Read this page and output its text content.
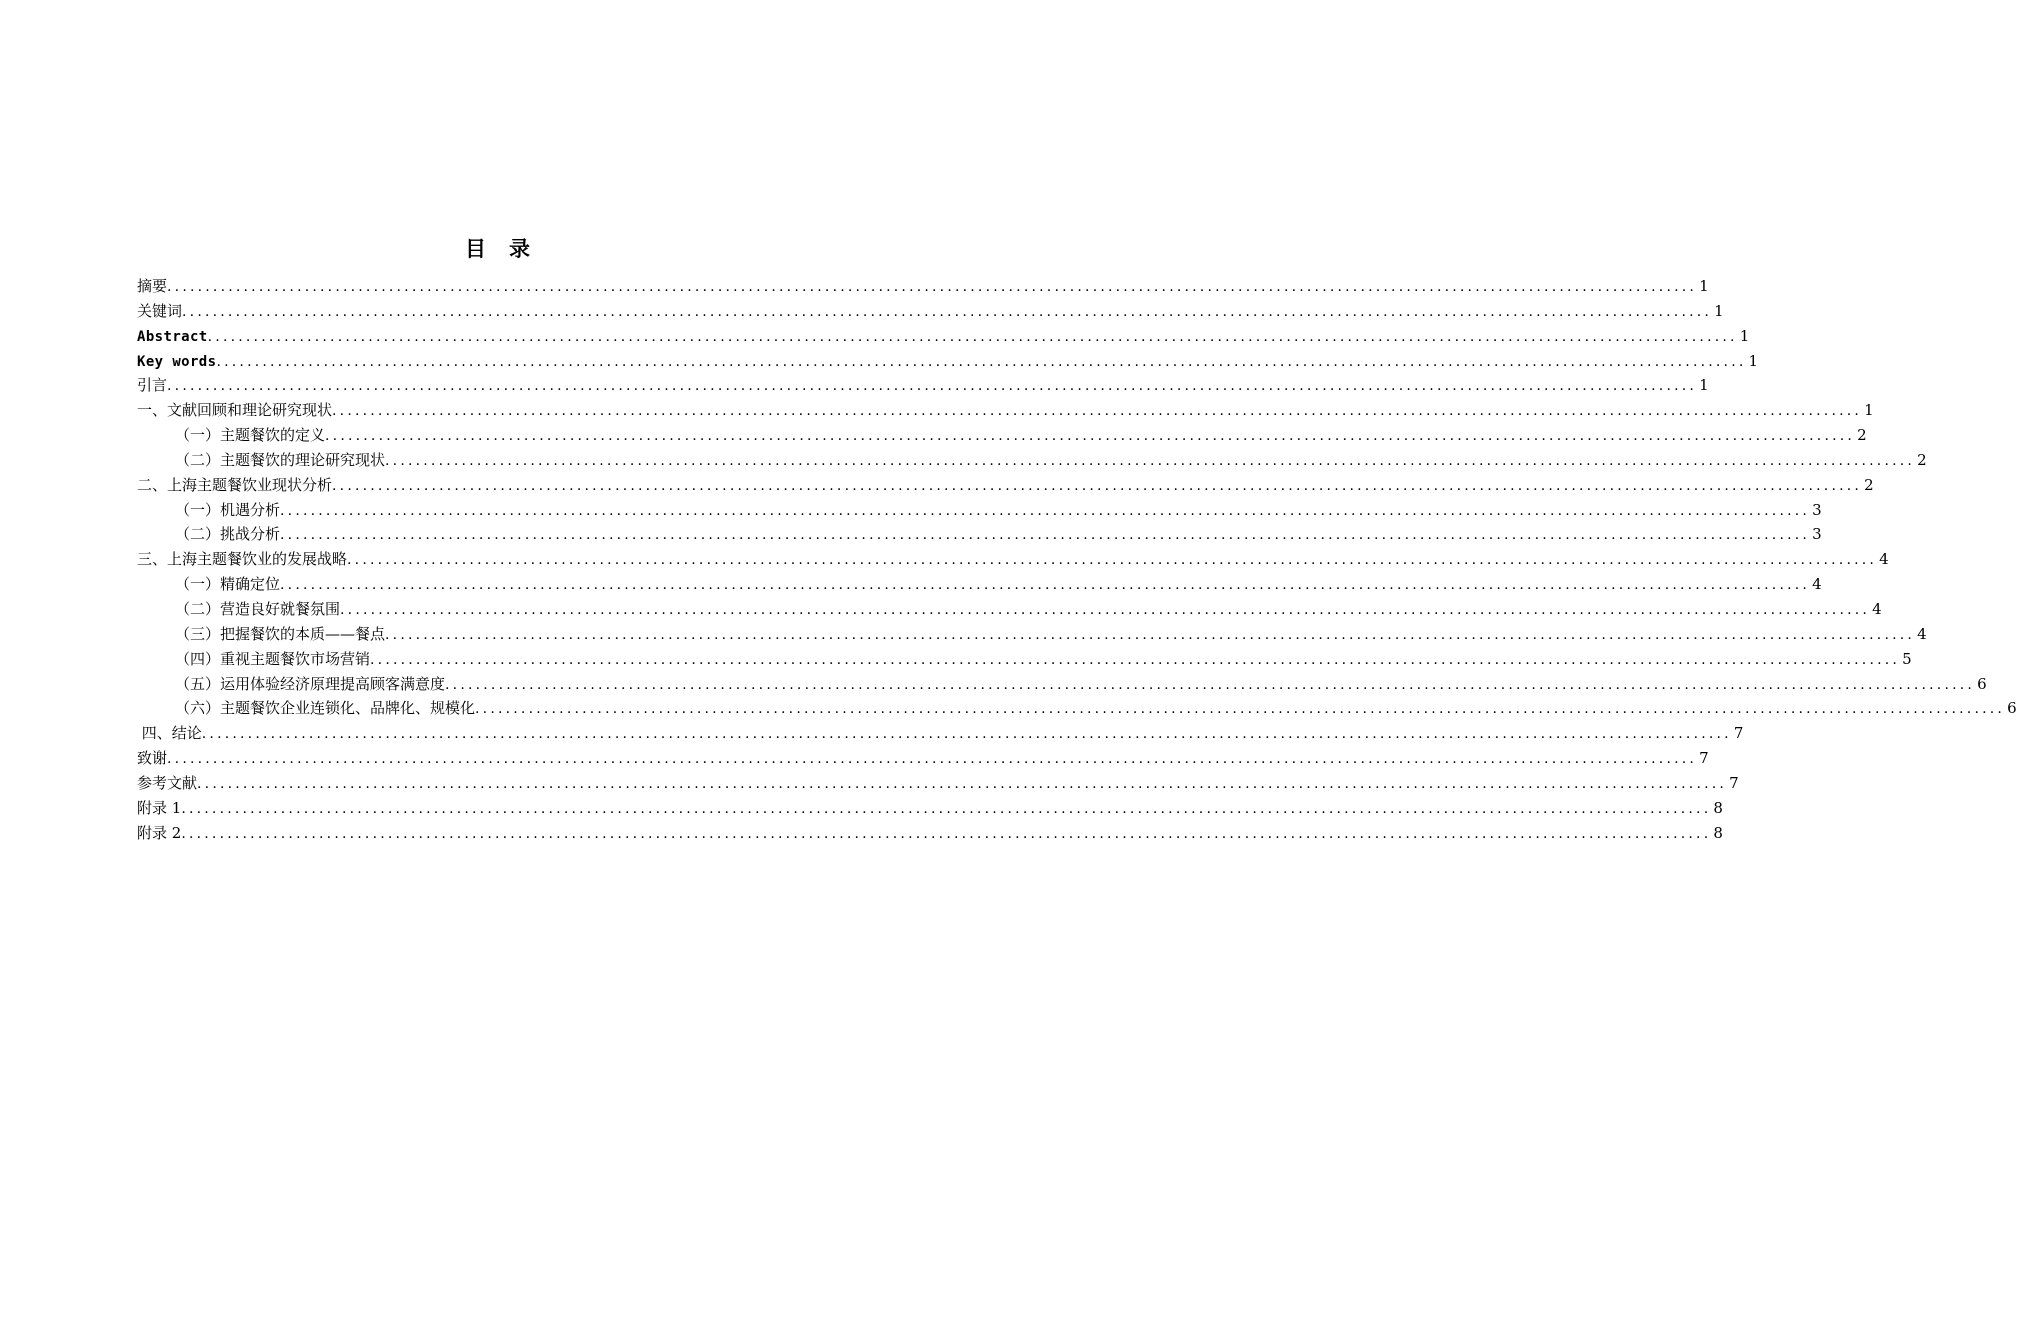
目　录
摘要 ........................................................................................................................................................................................................ 1
关键词 ........................................................................................................................................................................................................ 1
Abstract ........................................................................................................................................................................................................ 1
Key words ........................................................................................................................................................................................................ 1
引言 ........................................................................................................................................................................................................ 1
一、文献回顾和理论研究现状 ........................................................................................................................................................................................................ 1
（一）主题餐饮的定义 ........................................................................................................................................................................................................ 2
（二）主题餐饮的理论研究现状 ........................................................................................................................................................................................................ 2
二、上海主题餐饮业现状分析 ........................................................................................................................................................................................................ 2
（一）机遇分析 ........................................................................................................................................................................................................ 3
（二）挑战分析 ........................................................................................................................................................................................................ 3
三、上海主题餐饮业的发展战略 ........................................................................................................................................................................................................ 4
（一）精确定位 ........................................................................................................................................................................................................ 4
（二）营造良好就餐氛围 ........................................................................................................................................................................................................ 4
（三）把握餐饮的本质——餐点 ........................................................................................................................................................................................................ 4
（四）重视主题餐饮市场营销 ........................................................................................................................................................................................................ 5
（五）运用体验经济原理提高顾客满意度 ........................................................................................................................................................................................................ 6
（六）主题餐饮企业连锁化、品牌化、规模化 ........................................................................................................................................................................................................ 6
四、结论 ........................................................................................................................................................................................................ 7
致谢 ........................................................................................................................................................................................................ 7
参考文献 ........................................................................................................................................................................................................ 7
附录 1 ........................................................................................................................................................................................................ 8
附录 2 ........................................................................................................................................................................................................ 8
